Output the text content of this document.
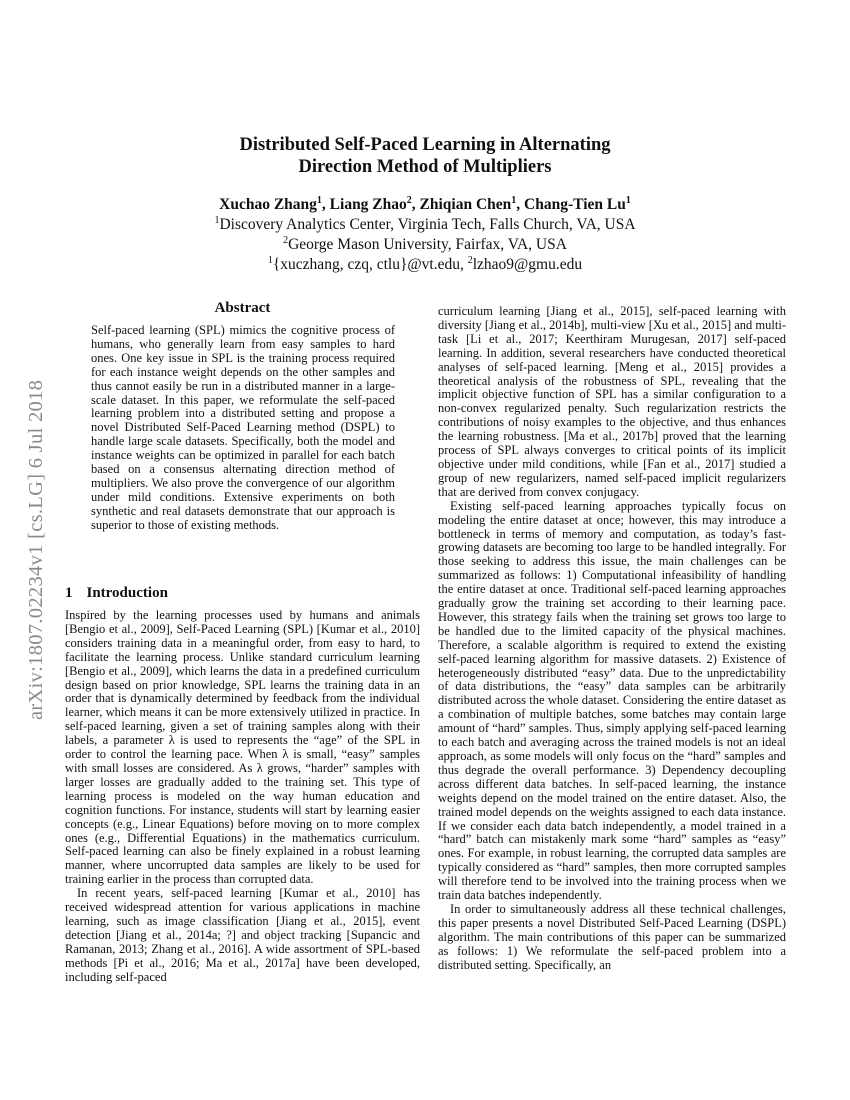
arXiv:1807.02234v1 [cs.LG] 6 Jul 2018
Distributed Self-Paced Learning in Alternating
Direction Method of Multipliers
Xuchao Zhang$^1$, Liang Zhao$^2$, Zhiqian Chen$^1$, Chang-Tien Lu$^1$
$^1$Discovery Analytics Center, Virginia Tech, Falls Church, VA, USA
$^2$George Mason University, Fairfax, VA, USA
$^1${xuczhang, czq, ctlu}@vt.edu, $^2$lzhao9@gmu.edu
Abstract
Self-paced learning (SPL) mimics the cognitive process of humans, who generally learn from easy samples to hard ones. One key issue in SPL is the training process required for each instance weight depends on the other samples and thus cannot easily be run in a distributed manner in a large-scale dataset. In this paper, we reformulate the self-paced learning problem into a distributed setting and propose a novel Distributed Self-Paced Learning method (DSPL) to handle large scale datasets. Specifically, both the model and instance weights can be optimized in parallel for each batch based on a consensus alternating direction method of multipliers. We also prove the convergence of our algorithm under mild conditions. Extensive experiments on both synthetic and real datasets demonstrate that our approach is superior to those of existing methods.
1 Introduction

Inspired by the learning processes used by humans and animals [Bengio et al., 2009], Self-Paced Learning (SPL) [Kumar et al., 2010] considers training data in a meaningful order, from easy to hard, to facilitate the learning process. Unlike standard curriculum learning [Bengio et al., 2009], which learns the data in a predefined curriculum design based on prior knowledge, SPL learns the training data in an order that is dynamically determined by feedback from the individual learner, which means it can be more extensively utilized in practice. In self-paced learning, given a set of training samples along with their labels, a parameter λ is used to represents the “age” of the SPL in order to control the learning pace. When λ is small, “easy” samples with small losses are considered. As λ grows, “harder” samples with larger losses are gradually added to the training set. This type of learning process is modeled on the way human education and cognition functions. For instance, students will start by learning easier concepts (e.g., Linear Equations) before moving on to more complex ones (e.g., Differential Equations) in the mathematics curriculum. Self-paced learning can also be finely explained in a robust learning manner, where uncorrupted data samples are likely to be used for training earlier in the process than corrupted data.

In recent years, self-paced learning [Kumar et al., 2010] has received widespread attention for various applications in machine learning, such as image classification [Jiang et al., 2015], event detection [Jiang et al., 2014a; ?] and object tracking [Supancic and Ramanan, 2013; Zhang et al., 2016]. A wide assortment of SPL-based methods [Pi et al., 2016; Ma et al., 2017a] have been developed, including self-paced

curriculum learning [Jiang et al., 2015], self-paced learning with diversity [Jiang et al., 2014b], multi-view [Xu et al., 2015] and multi-task [Li et al., 2017; Keerthiram Murugesan, 2017] self-paced learning. In addition, several researchers have conducted theoretical analyses of self-paced learning. [Meng et al., 2015] provides a theoretical analysis of the robustness of SPL, revealing that the implicit objective function of SPL has a similar configuration to a non-convex regularized penalty. Such regularization restricts the contributions of noisy examples to the objective, and thus enhances the learning robustness. [Ma et al., 2017b] proved that the learning process of SPL always converges to critical points of its implicit objective under mild conditions, while [Fan et al., 2017] studied a group of new regularizers, named self-paced implicit regularizers that are derived from convex conjugacy.

Existing self-paced learning approaches typically focus on modeling the entire dataset at once; however, this may introduce a bottleneck in terms of memory and computation, as today’s fast-growing datasets are becoming too large to be handled integrally. For those seeking to address this issue, the main challenges can be summarized as follows: 1) Computational infeasibility of handling the entire dataset at once. Traditional self-paced learning approaches gradually grow the training set according to their learning pace. However, this strategy fails when the training set grows too large to be handled due to the limited capacity of the physical machines. Therefore, a scalable algorithm is required to extend the existing self-paced learning algorithm for massive datasets. 2) Existence of heterogeneously distributed “easy” data. Due to the unpredictability of data distributions, the “easy” data samples can be arbitrarily distributed across the whole dataset. Considering the entire dataset as a combination of multiple batches, some batches may contain large amount of “hard” samples. Thus, simply applying self-paced learning to each batch and averaging across the trained models is not an ideal approach, as some models will only focus on the “hard” samples and thus degrade the overall performance. 3) Dependency decoupling across different data batches. In self-paced learning, the instance weights depend on the model trained on the entire dataset. Also, the trained model depends on the weights assigned to each data instance. If we consider each data batch independently, a model trained in a “hard” batch can mistakenly mark some “hard” samples as “easy” ones. For example, in robust learning, the corrupted data samples are typically considered as “hard” samples, then more corrupted samples will therefore tend to be involved into the training process when we train data batches independently.

In order to simultaneously address all these technical challenges, this paper presents a novel Distributed Self-Paced Learning (DSPL) algorithm. The main contributions of this paper can be summarized as follows: 1) We reformulate the self-paced problem into a distributed setting. Specifically, an
